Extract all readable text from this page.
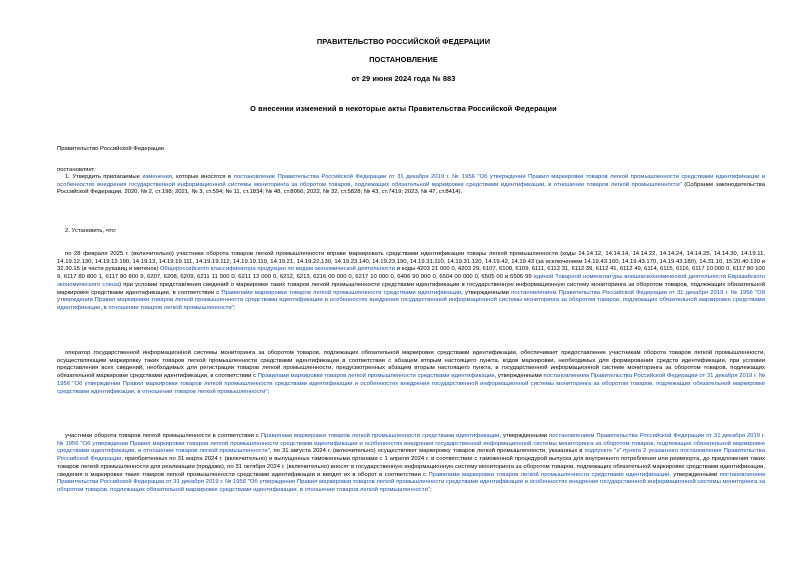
ПРАВИТЕЛЬСТВО РОССИЙСКОЙ ФЕДЕРАЦИИ
ПОСТАНОВЛЕНИЕ
от 29 июня 2024 года № 883
О внесении изменений в некоторые акты Правительства Российской Федерации
Правительство Российской Федерации
постановляет:
1. Утвердить прилагаемые изменения, которые вносятся в постановление Правительства Российской Федерации от 31 декабря 2019 г. № 1956 "Об утверждении Правил маркировки товаров легкой промышленности средствами идентификации и особенностях внедрения государственной информационной системы мониторинга за оборотом товаров, подлежащих обязательной маркировке средствами идентификации, в отношении товаров легкой промышленности" (Собрание законодательства Российской Федерации, 2020, № 2, ст.198; 2021, № 3, ст.594; № 11, ст.1834; № 48, ст.8066; 2022, № 32, ст.5828; № 43, ст.7419; 2023, № 47, ст.8414).
2. Установить, что:
по 28 февраля 2025 г. (включительно) участники оборота товаров легкой промышленности вправе маркировать средствами идентификации товары легкой промышленности (коды 14.14.12, 14.14.14, 14.14.22, 14.14.24, 14.14.25, 14.14.30, 14.19.11, 14.19.12.130, 14.19.12.190, 14.19.13, 14.19.19.111, 14.19.19.112, 14.19.19.119, 14.19.21, 14.19.22.130, 14.19.23.140, 14.19.23.190, 14.19.31.110, 14.19.31.120, 14.19.42, 14.19.43 (за исключением 14.19.43.160, 14.19.43.170, 14.19.43.180), 14.31.10, 15.20.40.130 и 32.30.15 (в части рукавиц и митенок) Общероссийского классификатора продукции по видам экономической деятельности и коды 4203 21 000 0, 4203 29, 6107, 6108, 6109, 6111, 6112 31, 6112 39, 6112 41, 6112 49, 6114, 6115, 6116, 6117 10 000 0, 6117 80 100 9, 6117 80 800 1, 6117 80 800 9, 6207, 6208, 6209, 6211 11 000 0, 6211 12 000 0, 6212, 6213, 6216 00 000 0, 6217 10 000 0, 6406 90 900 0, 6504 00 000 0, 6505 00 и 6506 99 единой Товарной номенклатуры внешнеэкономической деятельности Евразийского экономического союза) при условии представления сведений о маркировке таких товаров легкой промышленности средствами идентификации в государственную информационную систему мониторинга за оборотом товаров, подлежащих обязательной маркировке средствами идентификации, в соответствии с Правилами маркировки товаров легкой промышленности средствами идентификации, утвержденными постановлением Правительства Российской Федерации от 31 декабря 2019 г. № 1956 "Об утверждении Правил маркировки товаров легкой промышленности средствами идентификации и особенностях внедрения государственной информационной системы мониторинга за оборотом товаров, подлежащих обязательной маркировке средствами идентификации, в отношении товаров легкой промышленности";
оператор государственной информационной системы мониторинга за оборотом товаров, подлежащих обязательной маркировке средствами идентификации, обеспечивает предоставление участникам оборота товаров легкой промышленности, осуществляющим маркировку таких товаров легкой промышленности средствами идентификации в соответствии с абзацем вторым настоящего пункта, кодов маркировки, необходимых для формирования средств идентификации, при условии представления всех сведений, необходимых для регистрации товаров легкой промышленности, предусмотренных абзацем вторым настоящего пункта, в государственной информационной системе мониторинга за оборотом товаров, подлежащих обязательной маркировке средствами идентификации, в соответствии с Правилами маркировки товаров легкой промышленности средствами идентификации, утвержденными постановлением Правительства Российской Федерации от 31 декабря 2019 г. № 1956 "Об утверждении Правил маркировки товаров легкой промышленности средствами идентификации и особенностях внедрения государственной информационной системы мониторинга за оборотом товаров, подлежащих обязательной маркировке средствами идентификации, в отношении товаров легкой промышленности";
участники оборота товаров легкой промышленности в соответствии с Правилами маркировки товаров легкой промышленности средствами идентификации, утвержденными постановлением Правительства Российской Федерации от 31 декабря 2019 г. № 1956 "Об утверждении Правил маркировки товаров легкой промышленности средствами идентификации и особенностях внедрения государственной информационной системы мониторинга за оборотом товаров, подлежащих обязательной маркировке средствами идентификации, в отношении товаров легкой промышленности", по 31 августа 2024 г. (включительно) осуществляют маркировку товаров легкой промышленности, указанных в подпункте "з" пункта 2 указанного постановления Правительства Российской Федерации, приобретенных по 31 марта 2024 г. (включительно) и выпущенных таможенными органами с 1 апреля 2024 г. в соответствии с таможенной процедурой выпуска для внутреннего потребления или реимпорта, до предложения таких товаров легкой промышленности для реализации (продажи), по 31 октября 2024 г. (включительно) вносят в государственную информационную систему мониторинга за оборотом товаров, подлежащих обязательной маркировке средствами идентификации, сведения о маркировке таких товаров легкой промышленности средствами идентификации и вводят их в оборот в соответствии с Правилами маркировки товаров легкой промышленности средствами идентификации, утвержденными постановлением Правительства Российской Федерации от 31 декабря 2019 г. № 1956 "Об утверждении Правил маркировки товаров легкой промышленности средствами идентификации и особенностях внедрения государственной информационной системы мониторинга за оборотом товаров, подлежащих обязательной маркировке средствами идентификации, в отношении товаров легкой промышленности";
